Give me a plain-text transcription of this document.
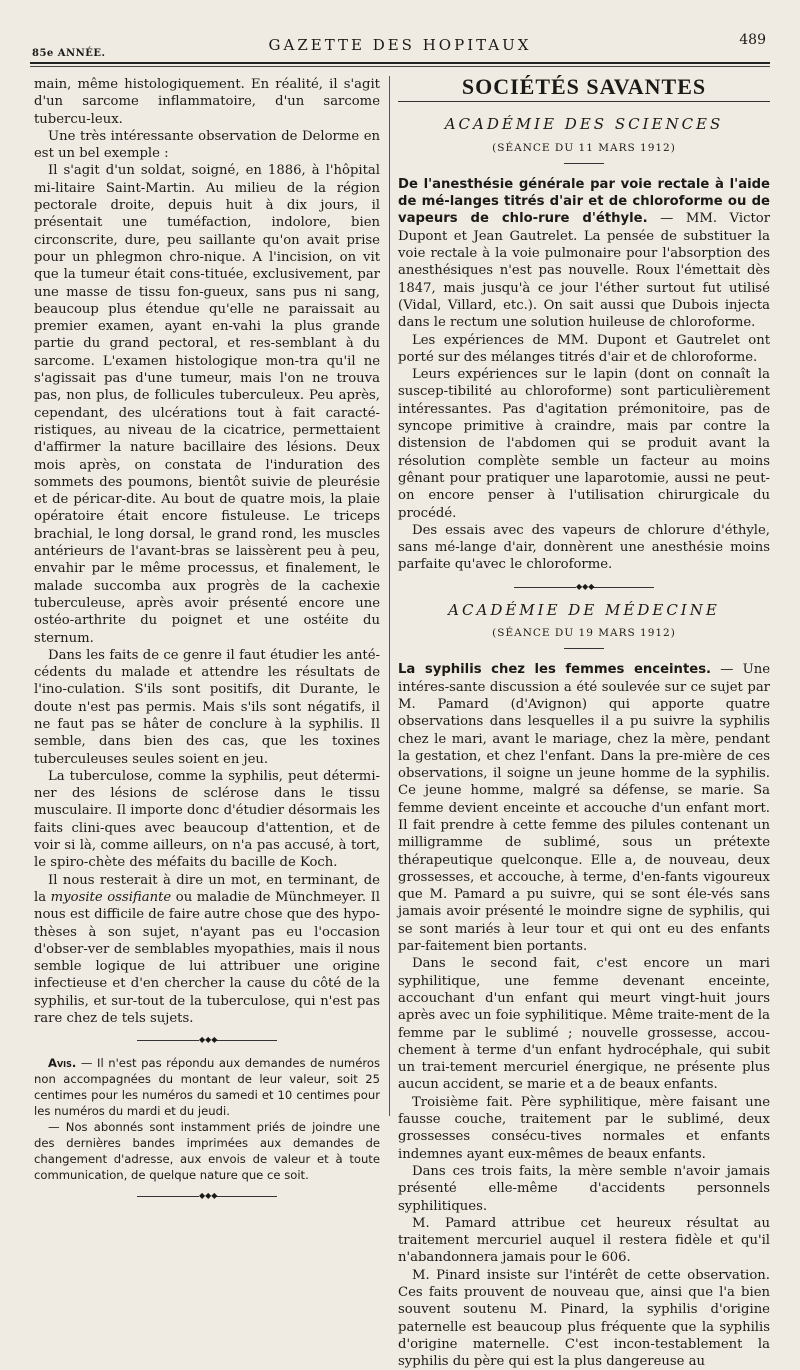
85e ANNÉE.	GAZETTE DES HOPITAUX	489

main, même histologiquement. En réalité, il s'agit d'un sarcome inflammatoire, d'un sarcome tubercu-leux.

Une très intéressante observation de Delorme en est un bel exemple :

Il s'agit d'un soldat, soigné, en 1886, à l'hôpital mi-litaire Saint-Martin. Au milieu de la région pectorale droite, depuis huit à dix jours, il présentait une tuméfaction, indolore, bien circonscrite, dure, peu saillante qu'on avait prise pour un phlegmon chro-nique. A l'incision, on vit que la tumeur était cons-tituée, exclusivement, par une masse de tissu fon-gueux, sans pus ni sang, beaucoup plus étendue qu'elle ne paraissait au premier examen, ayant en-vahi la plus grande partie du grand pectoral, et res-semblant à du sarcome. L'examen histologique mon-tra qu'il ne s'agissait pas d'une tumeur, mais l'on ne trouva pas, non plus, de follicules tuberculeux. Peu après, cependant, des ulcérations tout à fait caracté-ristiques, au niveau de la cicatrice, permettaient d'affirmer la nature bacillaire des lésions. Deux mois après, on constata de l'induration des sommets des poumons, bientôt suivie de pleurésie et de péricar-dite. Au bout de quatre mois, la plaie opératoire était encore fistuleuse. Le triceps brachial, le long dorsal, le grand rond, les muscles antérieurs de l'avant-bras se laissèrent peu à peu, envahir par le même processus, et finalement, le malade succomba aux progrès de la cachexie tuberculeuse, après avoir présenté encore une ostéo-arthrite du poignet et une ostéite du sternum.

Dans les faits de ce genre il faut étudier les anté-cédents du malade et attendre les résultats de l'ino-culation. S'ils sont positifs, dit Durante, le doute n'est pas permis. Mais s'ils sont négatifs, il ne faut pas se hâter de conclure à la syphilis. Il semble, dans bien des cas, que les toxines tuberculeuses seules soient en jeu.

La tuberculose, comme la syphilis, peut détermi-ner des lésions de sclérose dans le tissu musculaire. Il importe donc d'étudier désormais les faits clini-ques avec beaucoup d'attention, et de voir si là, comme ailleurs, on n'a pas accusé, à tort, le spiro-chète des méfaits du bacille de Koch.

Il nous resterait à dire un mot, en terminant, de la myosite ossifiante ou maladie de Münchmeyer. Il nous est difficile de faire autre chose que des hypo-thèses à son sujet, n'ayant pas eu l'occasion d'obser-ver de semblables myopathies, mais il nous semble logique de lui attribuer une origine infectieuse et d'en chercher la cause du côté de la syphilis, et sur-tout de la tuberculose, qui n'est pas rare chez de tels sujets.

◆◆◆

Avis. — Il n'est pas répondu aux demandes de numéros non accompagnées du montant de leur valeur, soit 25 centimes pour les numéros du samedi et 10 centimes pour les numéros du mardi et du jeudi.

— Nos abonnés sont instamment priés de joindre une des dernières bandes imprimées aux demandes de changement d'adresse, aux envois de valeur et à toute communication, de quelque nature que ce soit.

◆◆◆
SOCIÉTÉS SAVANTES
ACADÉMIE DES SCIENCES
(SÉANCE DU 11 MARS 1912)

De l'anesthésie générale par voie rectale à l'aide de mé-langes titrés d'air et de chloroforme ou de vapeurs de chlo-rure d'éthyle. — MM. Victor Dupont et Jean Gautrelet. La pensée de substituer la voie rectale à la voie pulmonaire pour l'absorption des anesthésiques n'est pas nouvelle. Roux l'émettait dès 1847, mais jusqu'à ce jour l'éther surtout fut utilisé (Vidal, Villard, etc.). On sait aussi que Dubois injecta dans le rectum une solution huileuse de chloroforme.

Les expériences de MM. Dupont et Gautrelet ont porté sur des mélanges titrés d'air et de chloroforme.

Leurs expériences sur le lapin (dont on connaît la suscep-tibilité au chloroforme) sont particulièrement intéressantes. Pas d'agitation prémonitoire, pas de syncope primitive à craindre, mais par contre la distension de l'abdomen qui se produit avant la résolution complète semble un facteur au moins gênant pour pratiquer une laparotomie, aussi ne peut-on encore penser à l'utilisation chirurgicale du procédé.

Des essais avec des vapeurs de chlorure d'éthyle, sans mé-lange d'air, donnèrent une anesthésie moins parfaite qu'avec le chloroforme.

◆◆◆
ACADÉMIE DE MÉDECINE
(SÉANCE DU 19 MARS 1912)

La syphilis chez les femmes enceintes. — Une intéres-sante discussion a été soulevée sur ce sujet par M. Pamard (d'Avignon) qui apporte quatre observations dans lesquelles il a pu suivre la syphilis chez le mari, avant le mariage, chez la mère, pendant la gestation, et chez l'enfant. Dans la pre-mière de ces observations, il soigne un jeune homme de la syphilis. Ce jeune homme, malgré sa défense, se marie. Sa femme devient enceinte et accouche d'un enfant mort. Il fait prendre à cette femme des pilules contenant un milligramme de sublimé, sous un prétexte thérapeutique quelconque. Elle a, de nouveau, deux grossesses, et accouche, à terme, d'en-fants vigoureux que M. Pamard a pu suivre, qui se sont éle-vés sans jamais avoir présenté le moindre signe de syphilis, qui se sont mariés à leur tour et qui ont eu des enfants par-faitement bien portants.

Dans le second fait, c'est encore un mari syphilitique, une femme devenant enceinte, accouchant d'un enfant qui meurt vingt-huit jours après avec un foie syphilitique. Même traite-ment de la femme par le sublimé ; nouvelle grossesse, accou-chement à terme d'un enfant hydrocéphale, qui subit un trai-tement mercuriel énergique, ne présente plus aucun accident, se marie et a de beaux enfants.

Troisième fait. Père syphilitique, mère faisant une fausse couche, traitement par le sublimé, deux grossesses consécu-tives normales et enfants indemnes ayant eux-mêmes de beaux enfants.

Dans ces trois faits, la mère semble n'avoir jamais présenté elle-même d'accidents personnels syphilitiques.

M. Pamard attribue cet heureux résultat au traitement mercuriel auquel il restera fidèle et qu'il n'abandonnera jamais pour le 606.

M. Pinard insiste sur l'intérêt de cette observation. Ces faits prouvent de nouveau que, ainsi que l'a bien souvent soutenu M. Pinard, la syphilis d'origine paternelle est beaucoup plus fréquente que la syphilis d'origine maternelle. C'est incon-testablement la syphilis du père qui est la plus dangereuse au
